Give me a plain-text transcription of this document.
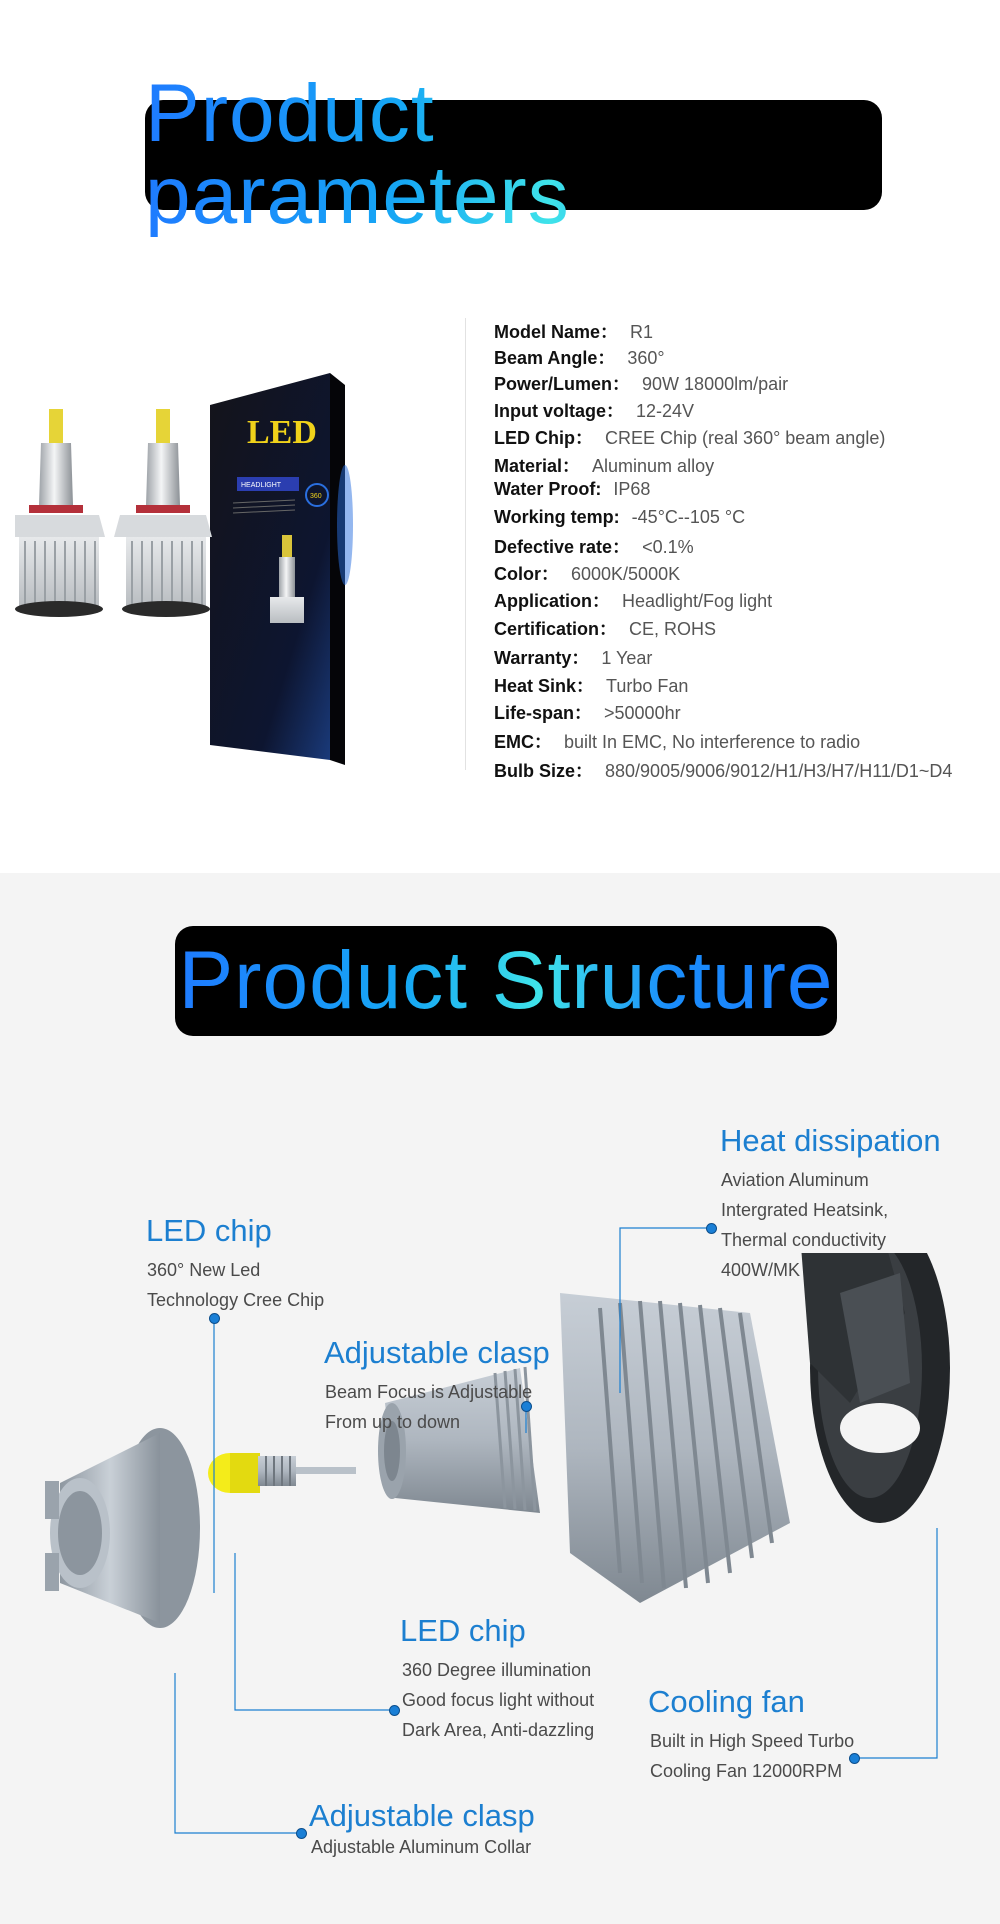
Product parameters
HEADLIGHT
LED
360
Model Name： R1
Beam Angle： 360°
Power/Lumen： 90W 18000lm/pair
Input voltage： 12-24V
LED Chip： CREE Chip (real 360° beam angle)
Material： Aluminum alloy
Water Proof: IP68
Working temp: -45°C--105 °C
Defective rate： <0.1%
Color： 6000K/5000K
Application： Headlight/Fog light
Certification： CE, ROHS
Warranty： 1 Year
Heat Sink： Turbo Fan
Life-span： >50000hr
EMC： built In EMC, No interference to radio
Bulb Size： 880/9005/9006/9012/H1/H3/H7/H11/D1~D4
Product Structure
Heat dissipation
Aviation Aluminum
Intergrated Heatsink,
Thermal conductivity
400W/MK
LED chip
360° New Led
Technology Cree Chip
Adjustable clasp
Beam Focus is Adjustable
From up to down
LED chip
360 Degree illumination
Good focus light without
Dark Area, Anti-dazzling
Cooling fan
Built in High Speed Turbo
Cooling Fan 12000RPM
Adjustable clasp
Adjustable Aluminum Collar
